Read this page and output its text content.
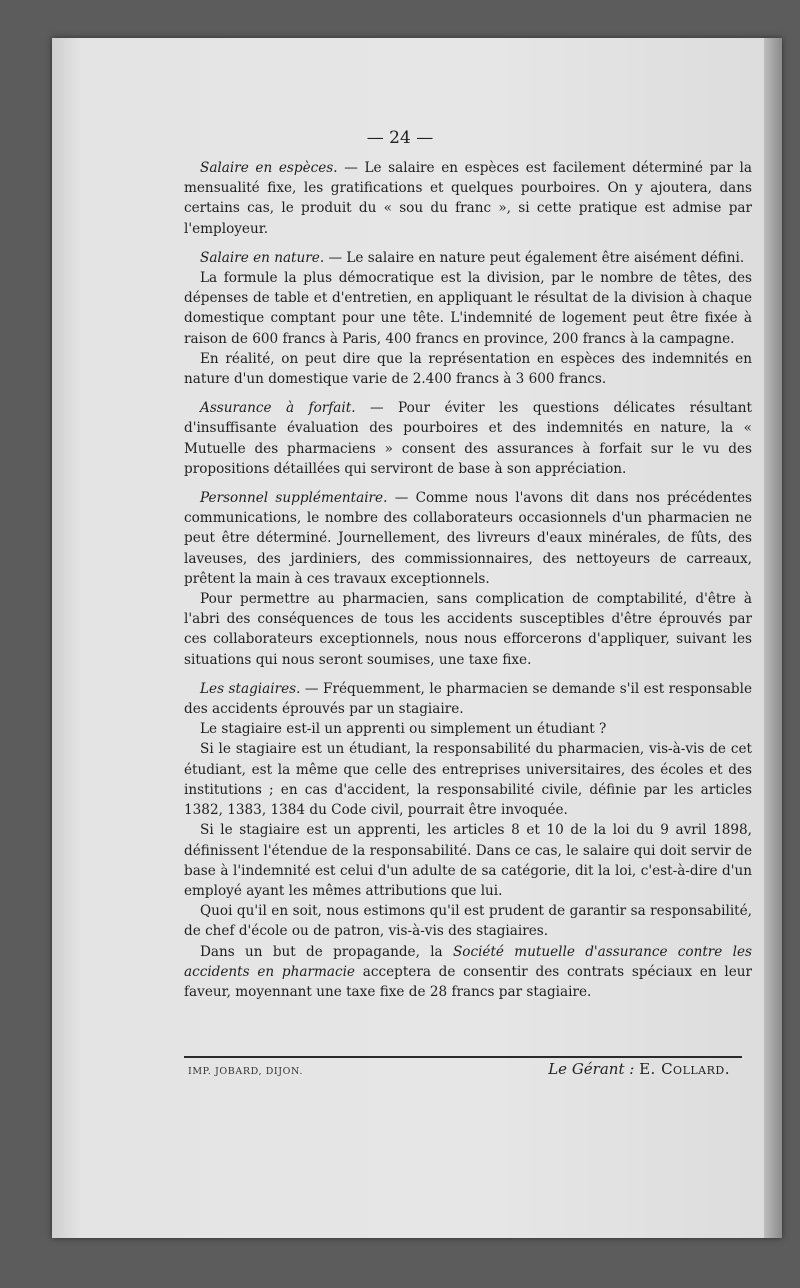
— 24 —

Salaire en espèces. — Le salaire en espèces est facilement déterminé par la mensualité fixe, les gratifications et quelques pourboires. On y ajoutera, dans certains cas, le produit du « sou du franc », si cette pratique est admise par l'employeur.

Salaire en nature. — Le salaire en nature peut également être aisément défini.

La formule la plus démocratique est la division, par le nombre de têtes, des dépenses de table et d'entretien, en appliquant le résultat de la division à chaque domestique comptant pour une tête. L'indemnité de logement peut être fixée à raison de 600 francs à Paris, 400 francs en province, 200 francs à la campagne.

En réalité, on peut dire que la représentation en espèces des indemnités en nature d'un domestique varie de 2.400 francs à 3 600 francs.

Assurance à forfait. — Pour éviter les questions délicates résultant d'insuffisante évaluation des pourboires et des indemnités en nature, la « Mutuelle des pharmaciens » consent des assurances à forfait sur le vu des propositions détaillées qui serviront de base à son appréciation.

Personnel supplémentaire. — Comme nous l'avons dit dans nos précédentes communications, le nombre des collaborateurs occasionnels d'un pharmacien ne peut être déterminé. Journellement, des livreurs d'eaux minérales, de fûts, des laveuses, des jardiniers, des commissionnaires, des nettoyeurs de carreaux, prêtent la main à ces travaux exceptionnels.

Pour permettre au pharmacien, sans complication de comptabilité, d'être à l'abri des conséquences de tous les accidents susceptibles d'être éprouvés par ces collaborateurs exceptionnels, nous nous efforcerons d'appliquer, suivant les situations qui nous seront soumises, une taxe fixe.

Les stagiaires. — Fréquemment, le pharmacien se demande s'il est responsable des accidents éprouvés par un stagiaire.

Le stagiaire est-il un apprenti ou simplement un étudiant ?

Si le stagiaire est un étudiant, la responsabilité du pharmacien, vis-à-vis de cet étudiant, est la même que celle des entreprises universitaires, des écoles et des institutions ; en cas d'accident, la responsabilité civile, définie par les articles 1382, 1383, 1384 du Code civil, pourrait être invoquée.

Si le stagiaire est un apprenti, les articles 8 et 10 de la loi du 9 avril 1898, définissent l'étendue de la responsabilité. Dans ce cas, le salaire qui doit servir de base à l'indemnité est celui d'un adulte de sa catégorie, dit la loi, c'est-à-dire d'un employé ayant les mêmes attributions que lui.

Quoi qu'il en soit, nous estimons qu'il est prudent de garantir sa responsabilité, de chef d'école ou de patron, vis-à-vis des stagiaires.

Dans un but de propagande, la Société mutuelle d'assurance contre les accidents en pharmacie acceptera de consentir des contrats spéciaux en leur faveur, moyennant une taxe fixe de 28 francs par stagiaire.

IMP. JOBARD, DIJON.	Le Gérant : E. Collard.
